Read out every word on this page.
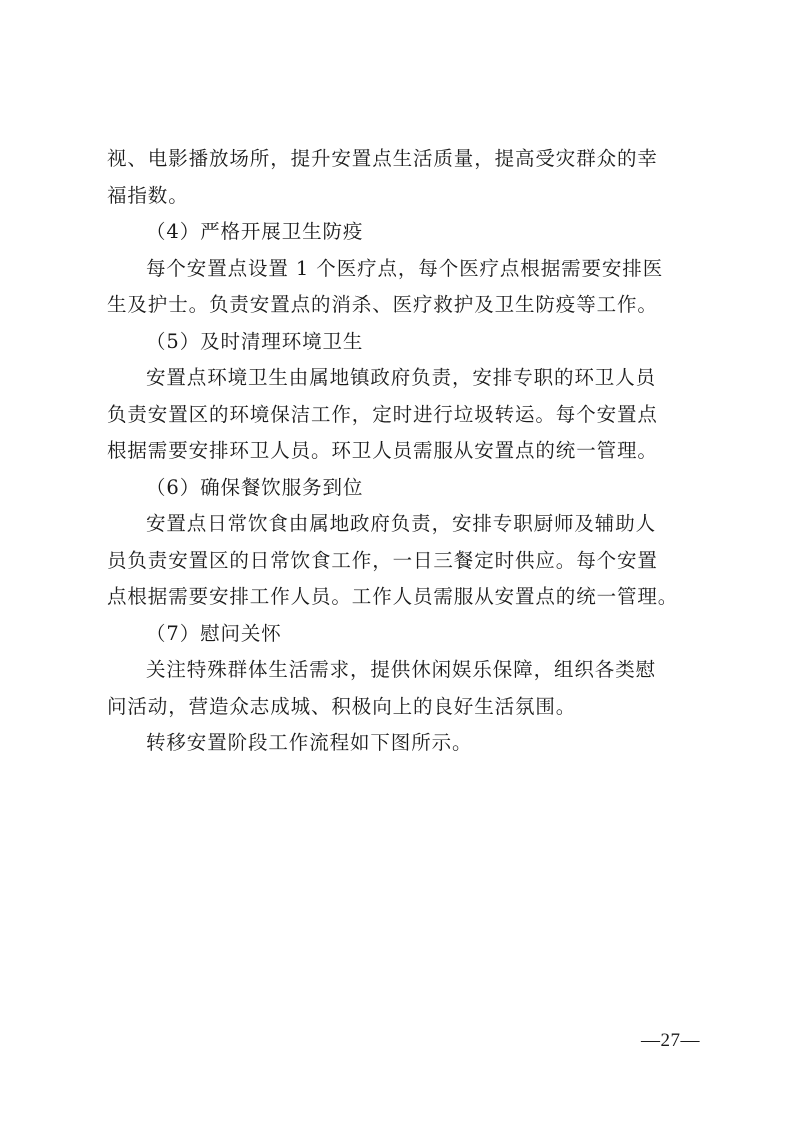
视、电影播放场所，提升安置点生活质量，提高受灾群众的幸
福指数。
（4）严格开展卫生防疫
每个安置点设置 1 个医疗点，每个医疗点根据需要安排医
生及护士。负责安置点的消杀、医疗救护及卫生防疫等工作。
（5）及时清理环境卫生
安置点环境卫生由属地镇政府负责，安排专职的环卫人员
负责安置区的环境保洁工作，定时进行垃圾转运。每个安置点
根据需要安排环卫人员。环卫人员需服从安置点的统一管理。
（6）确保餐饮服务到位
安置点日常饮食由属地政府负责，安排专职厨师及辅助人
员负责安置区的日常饮食工作，一日三餐定时供应。每个安置
点根据需要安排工作人员。工作人员需服从安置点的统一管理。
（7）慰问关怀
关注特殊群体生活需求，提供休闲娱乐保障，组织各类慰
问活动，营造众志成城、积极向上的良好生活氛围。
转移安置阶段工作流程如下图所示。
—27—
